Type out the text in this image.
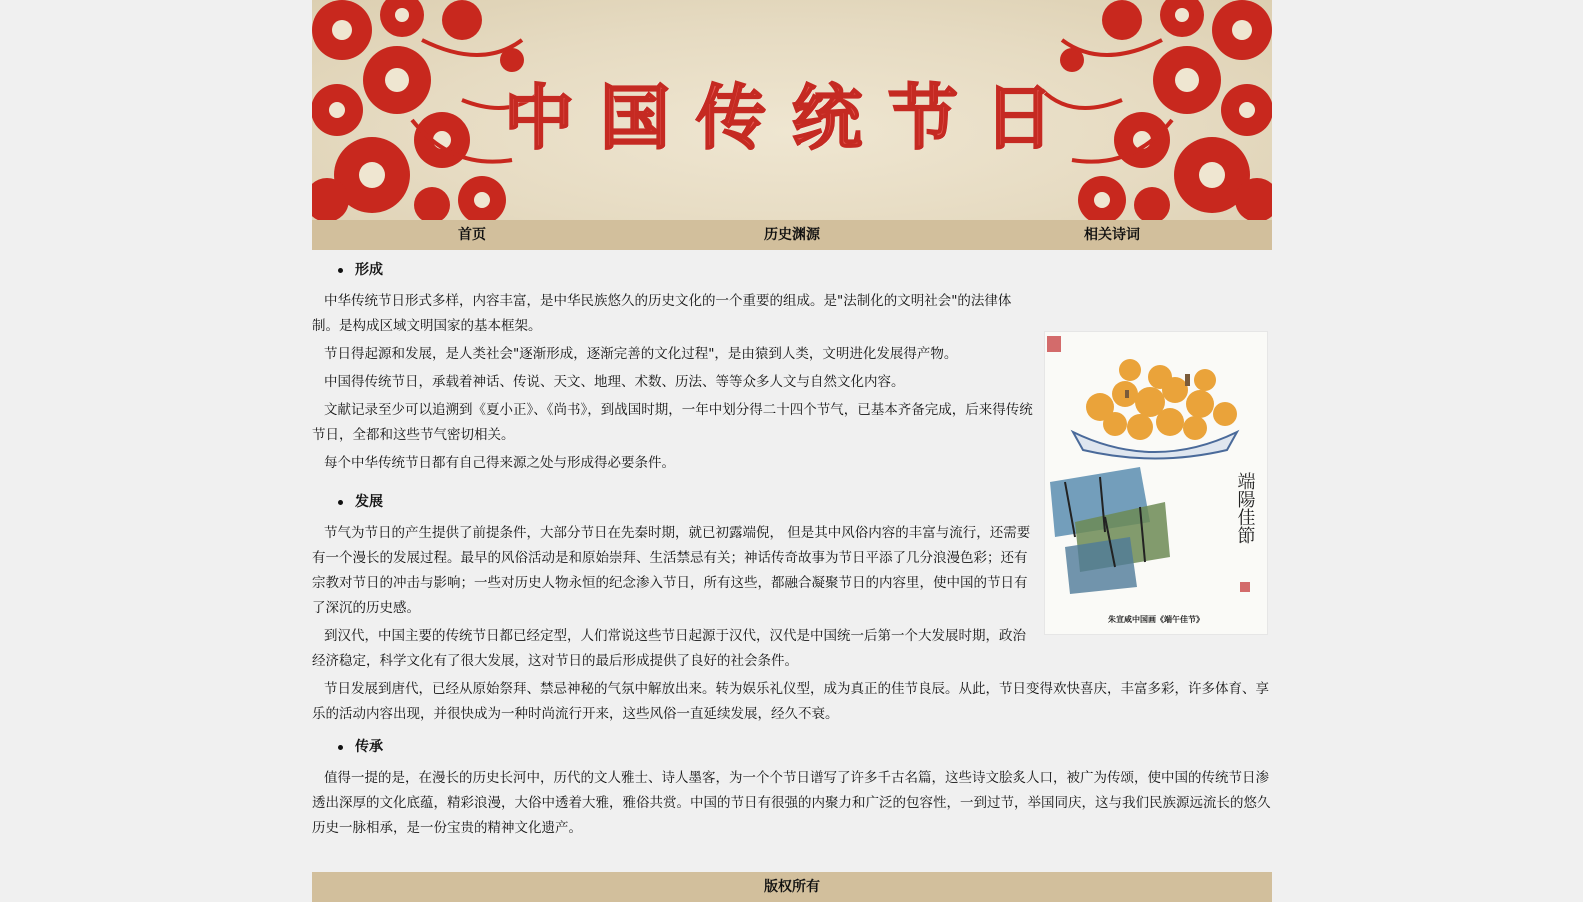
中国传统节日
首页	历史渊源	相关诗词
形成
端陽佳節
朱宣咸中国画《端午佳节》

中华传统节日形式多样，内容丰富，是中华民族悠久的历史文化的一个重要的组成。是"法制化的文明社会"的法律体制。是构成区域文明国家的基本框架。

节日得起源和发展，是人类社会"逐渐形成，逐渐完善的文化过程"，是由猿到人类，文明进化发展得产物。

中国得传统节日，承载着神话、传说、天文、地理、术数、历法、等等众多人文与自然文化内容。

文献记录至少可以追溯到《夏小正》、《尚书》，到战国时期，一年中划分得二十四个节气，已基本齐备完成，后来得传统节日，全都和这些节气密切相关。

每个中华传统节日都有自己得来源之处与形成得必要条件。

发展

节气为节日的产生提供了前提条件，大部分节日在先秦时期，就已初露端倪， 但是其中风俗内容的丰富与流行，还需要有一个漫长的发展过程。最早的风俗活动是和原始崇拜、生活禁忌有关；神话传奇故事为节日平添了几分浪漫色彩；还有宗教对节日的冲击与影响；一些对历史人物永恒的纪念渗入节日，所有这些，都融合凝聚节日的内容里，使中国的节日有了深沉的历史感。

到汉代，中国主要的传统节日都已经定型，人们常说这些节日起源于汉代，汉代是中国统一后第一个大发展时期，政治经济稳定，科学文化有了很大发展，这对节日的最后形成提供了良好的社会条件。

节日发展到唐代，已经从原始祭拜、禁忌神秘的气氛中解放出来。转为娱乐礼仪型，成为真正的佳节良辰。从此，节日变得欢快喜庆，丰富多彩，许多体育、享乐的活动内容出现，并很快成为一种时尚流行开来，这些风俗一直延续发展，经久不衰。

传承

值得一提的是，在漫长的历史长河中，历代的文人雅士、诗人墨客，为一个个节日谱写了许多千古名篇，这些诗文脍炙人口，被广为传颂，使中国的传统节日渗透出深厚的文化底蕴，精彩浪漫，大俗中透着大雅，雅俗共赏。中国的节日有很强的内聚力和广泛的包容性，一到过节，举国同庆，这与我们民族源远流长的悠久历史一脉相承，是一份宝贵的精神文化遗产。

版权所有
